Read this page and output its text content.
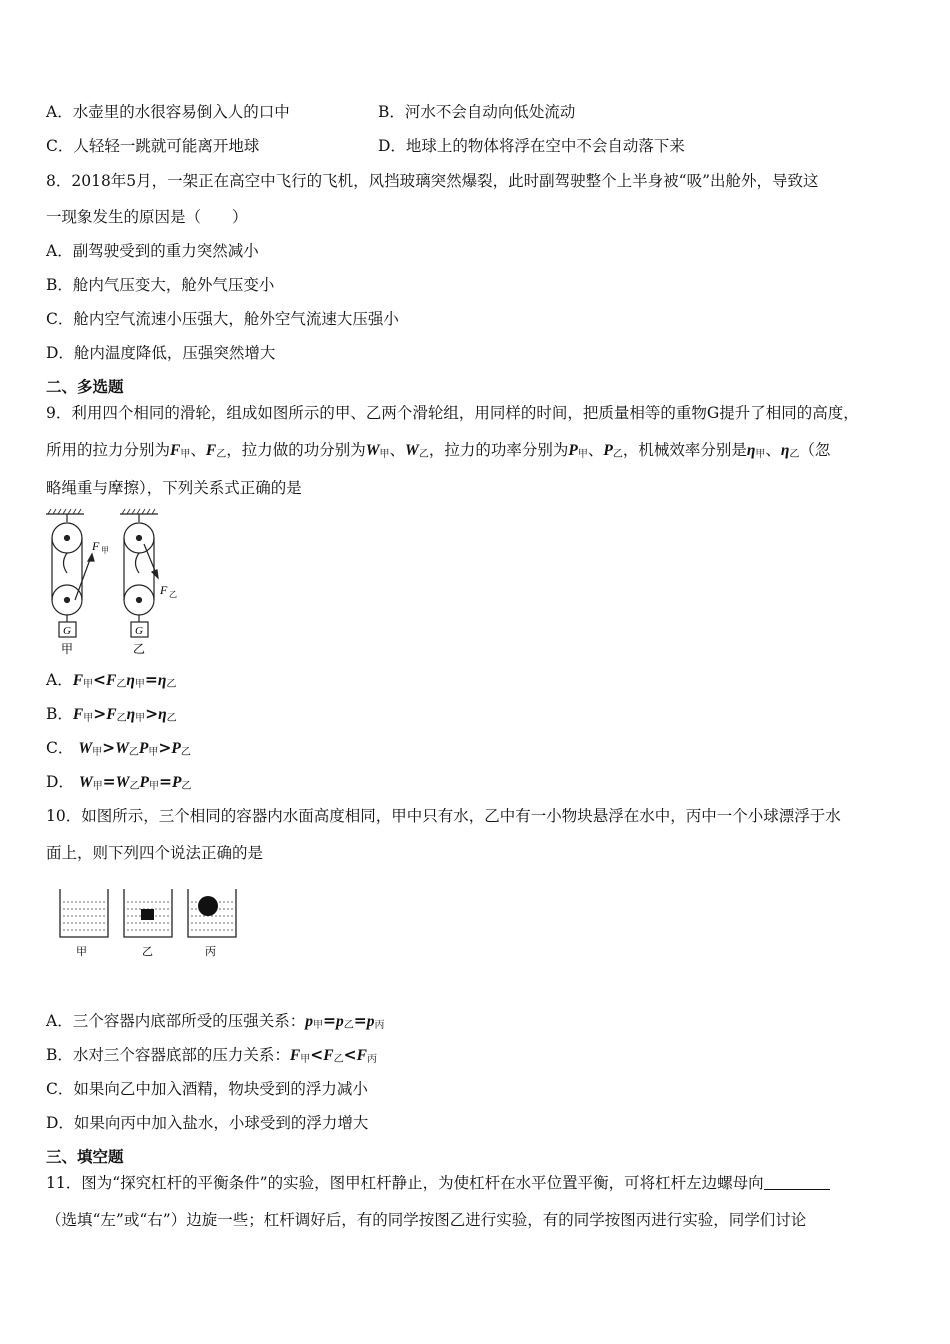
A．水壶里的水很容易倒入人的口中	B．河水不会自动向低处流动
C．人轻轻一跳就可能离开地球	D．地球上的物体将浮在空中不会自动落下来
8．2018年5月，一架正在高空中飞行的飞机，风挡玻璃突然爆裂，此时副驾驶整个上半身被“吸”出舱外，导致这
一现象发生的原因是（　　）
A．副驾驶受到的重力突然减小
B．舱内气压变大，舱外气压变小
C．舱内空气流速小压强大，舱外空气流速大压强小
D．舱内温度降低，压强突然增大
二、多选题
9．利用四个相同的滑轮，组成如图所示的甲、乙两个滑轮组，用同样的时间，把质量相等的重物G提升了相同的高度，
所用的拉力分别为$F_甲$、$F_乙$，拉力做的功分别为$W_甲$、$W_乙$，拉力的功率分别为$P_甲$、$P_乙$，机械效率分别是$\eta_甲$、$\eta_乙$（忽
略绳重与摩擦），下列关系式正确的是
F 甲
F 乙
G	G
甲	乙
A．$F_甲<F_乙\eta_甲=\eta_乙$
B．$F_甲>F_乙\eta_甲>\eta_乙$
C． $W_甲>W_乙P_甲>P_乙$
D． $W_甲=W_乙P_甲=P_乙$
10．如图所示，三个相同的容器内水面高度相同，甲中只有水，乙中有一小物块悬浮在水中，丙中一个小球漂浮于水
面上，则下列四个说法正确的是
甲	乙	丙
A．三个容器内底部所受的压强关系：$p_甲=p_乙=p_丙$
B．水对三个容器底部的压力关系：$F_甲<F_乙<F_丙$
C．如果向乙中加入酒精，物块受到的浮力减小
D．如果向丙中加入盐水，小球受到的浮力增大
三、填空题
11．图为“探究杠杆的平衡条件”的实验，图甲杠杆静止，为使杠杆在水平位置平衡，可将杠杆左边螺母向
（选填“左”或“右”）边旋一些；杠杆调好后，有的同学按图乙进行实验，有的同学按图丙进行实验，同学们讨论
